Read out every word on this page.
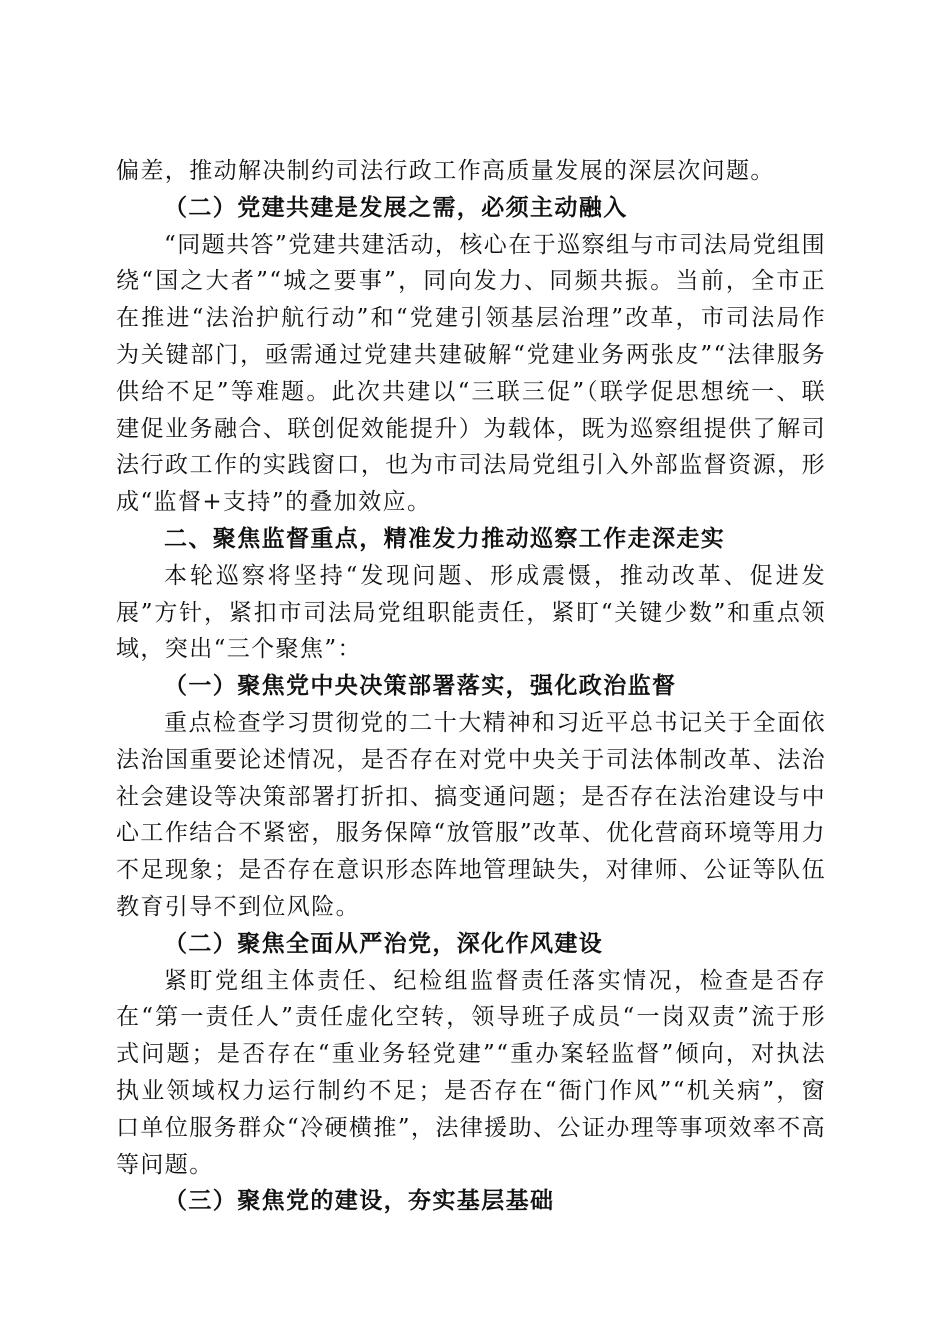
偏差，推动解决制约司法行政工作高质量发展的深层次问题。

（二）党建共建是发展之需，必须主动融入

“同题共答”党建共建活动，核心在于巡察组与市司法局党组围绕“国之大者”“城之要事”，同向发力、同频共振。当前，全市正在推进“法治护航行动”和“党建引领基层治理”改革，市司法局作为关键部门，亟需通过党建共建破解“党建业务两张皮”“法律服务供给不足”等难题。此次共建以“三联三促”（联学促思想统一、联建促业务融合、联创促效能提升）为载体，既为巡察组提供了解司法行政工作的实践窗口，也为市司法局党组引入外部监督资源，形成“监督+支持”的叠加效应。

二、聚焦监督重点，精准发力推动巡察工作走深走实

本轮巡察将坚持“发现问题、形成震慑，推动改革、促进发展”方针，紧扣市司法局党组职能责任，紧盯“关键少数”和重点领域，突出“三个聚焦”：

（一）聚焦党中央决策部署落实，强化政治监督

重点检查学习贯彻党的二十大精神和习近平总书记关于全面依法治国重要论述情况，是否存在对党中央关于司法体制改革、法治社会建设等决策部署打折扣、搞变通问题；是否存在法治建设与中心工作结合不紧密，服务保障“放管服”改革、优化营商环境等用力不足现象；是否存在意识形态阵地管理缺失，对律师、公证等队伍教育引导不到位风险。

（二）聚焦全面从严治党，深化作风建设

紧盯党组主体责任、纪检组监督责任落实情况，检查是否存在“第一责任人”责任虚化空转，领导班子成员“一岗双责”流于形式问题；是否存在“重业务轻党建”“重办案轻监督”倾向，对执法执业领域权力运行制约不足；是否存在“衙门作风”“机关病”，窗口单位服务群众“冷硬横推”，法律援助、公证办理等事项效率不高等问题。

（三）聚焦党的建设，夯实基层基础
